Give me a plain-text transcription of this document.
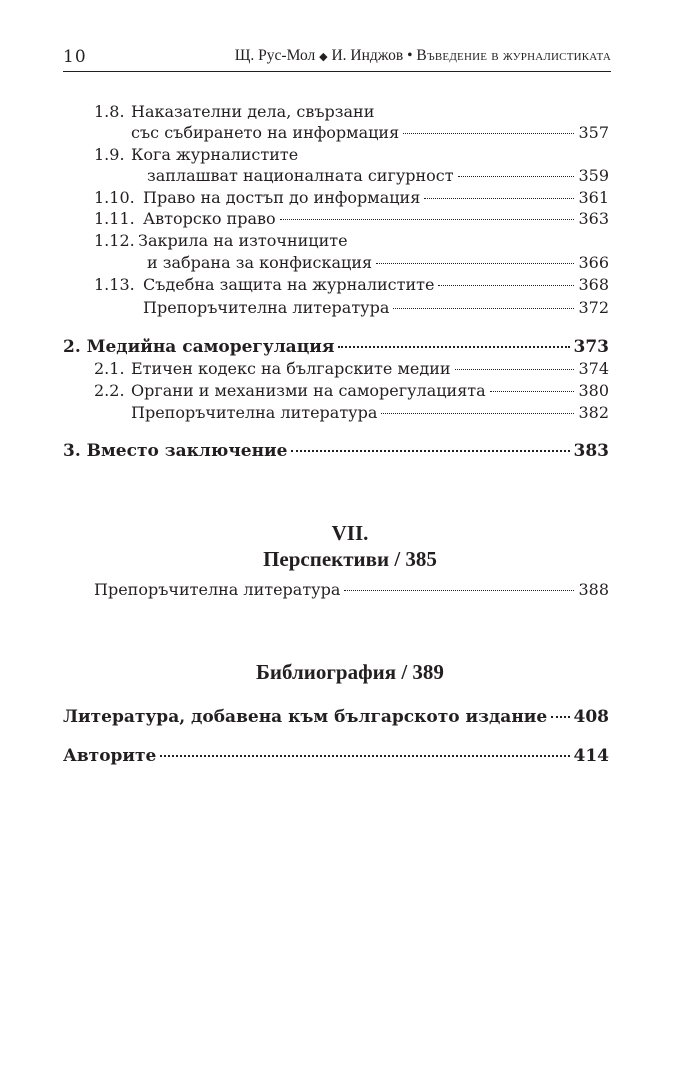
10	Щ. Рус-Мол ◆ И. Инджов • Въведение в журналистиката
1.8. Наказателни дела, свързани
със събирането на информация	357
1.9. Кога журналистите
заплашват националната сигурност	359
1.10. Право на достъп до информация	361
1.11. Авторско право	363
1.12. Закрила на източниците
и забрана за конфискация	366
1.13. Съдебна защита на журналистите	368
Препоръчителна литература	372
2. Медийна саморегулация	373
2.1. Етичен кодекс на българските медии	374
2.2. Органи и механизми на саморегулацията	380
Препоръчителна литература	382
3. Вместо заключение	383
VII.
Перспективи / 385
Препоръчителна литература	388
Библиография / 389
Литература, добавена към българското издание 408
Авторите	414
